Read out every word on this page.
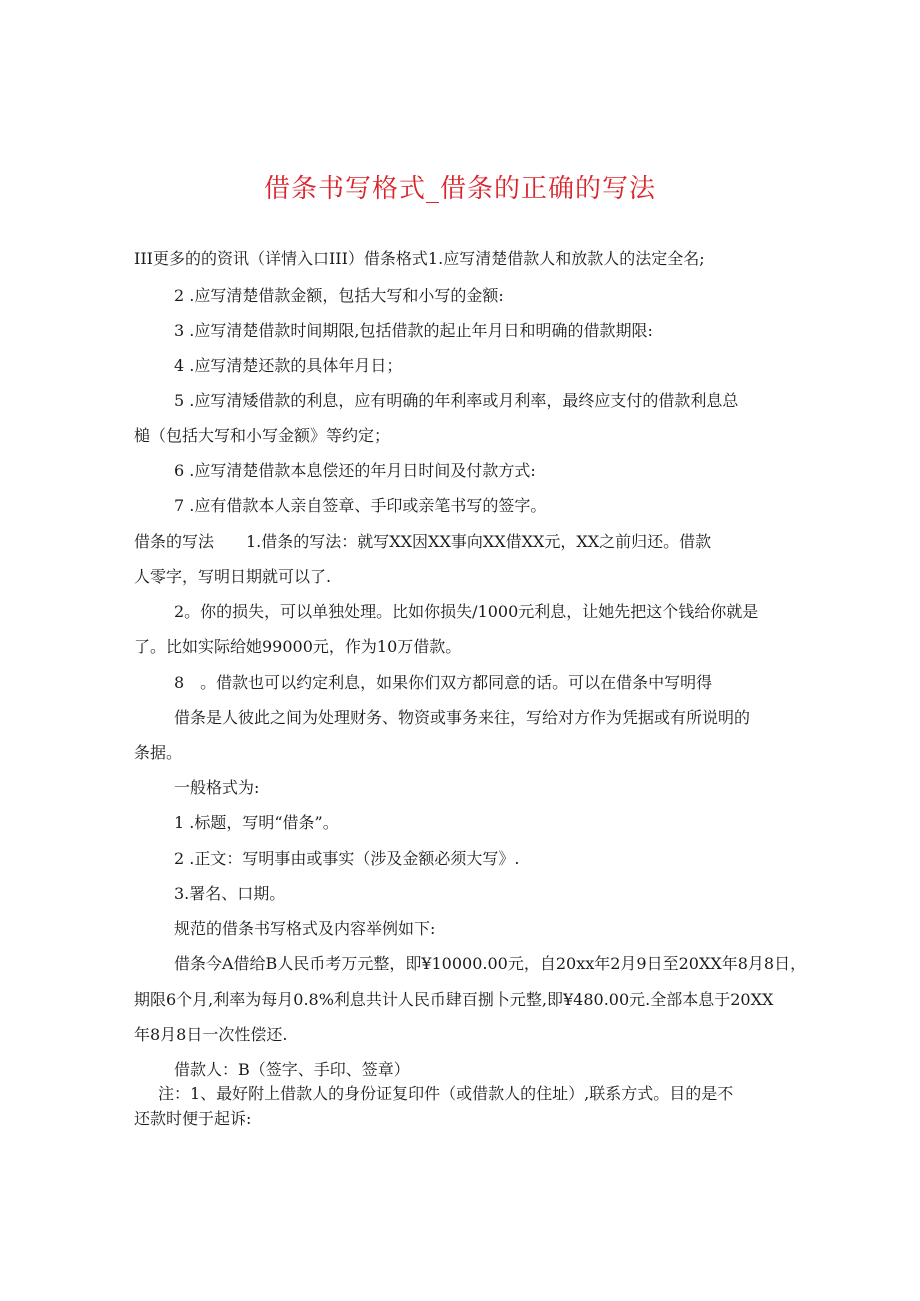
借条书写格式_借条的正确的写法
III更多的的资讯（详情入口III）借条格式1.应写清楚借款人和放款人的法定全名;
2 .应写清楚借款金额，包括大写和小写的金额:
3 .应写清楚借款时间期限,包括借款的起止年月日和明确的借款期限:
4 .应写清楚还款的具体年月日；
5 .应写清矮借款的利息，应有明确的年利率或月利率，最终应支付的借款利息总
槌（包括大写和小写金额》等约定；
6 .应写清楚借款本息偿还的年月日时间及付款方式:
7 .应有借款本人亲自签章、手印或亲笔书写的签字。
借条的写法　　1.借条的写法：就写XX因XX事向XX借XX元，XX之前归还。借款
人零字，写明日期就可以了.
2。你的损失，可以单独处理。比如你损失/1000元利息，让她先把这个钱给你就是
了。比如实际给她99000元，作为10万借款。
8　。借款也可以约定利息，如果你们双方都同意的话。可以在借条中写明得
借条是人彼此之间为处理财务、物资或事务来往，写给对方作为凭据或有所说明的
条据。
一般格式为:
1 .标题，写明“借条”。
2 .正文：写明事由或事实（涉及金额必须大写》.
3.署名、口期。
规范的借条书写格式及内容举例如下:
借条今A借给B人民币考万元整，即¥10000.00元，自20xx年2月9日至20XX年8月8日，
期限6个月,利率为每月0.8%利息共计人民币肆百捌卜元整,即¥480.00元.全部本息于20XX
年8月8日一次性偿还.
借款人：B（签字、手印、签章）
注：1、最好附上借款人的身份证复印件（或借款人的住址）,联系方式。目的是不
还款时便于起诉:
